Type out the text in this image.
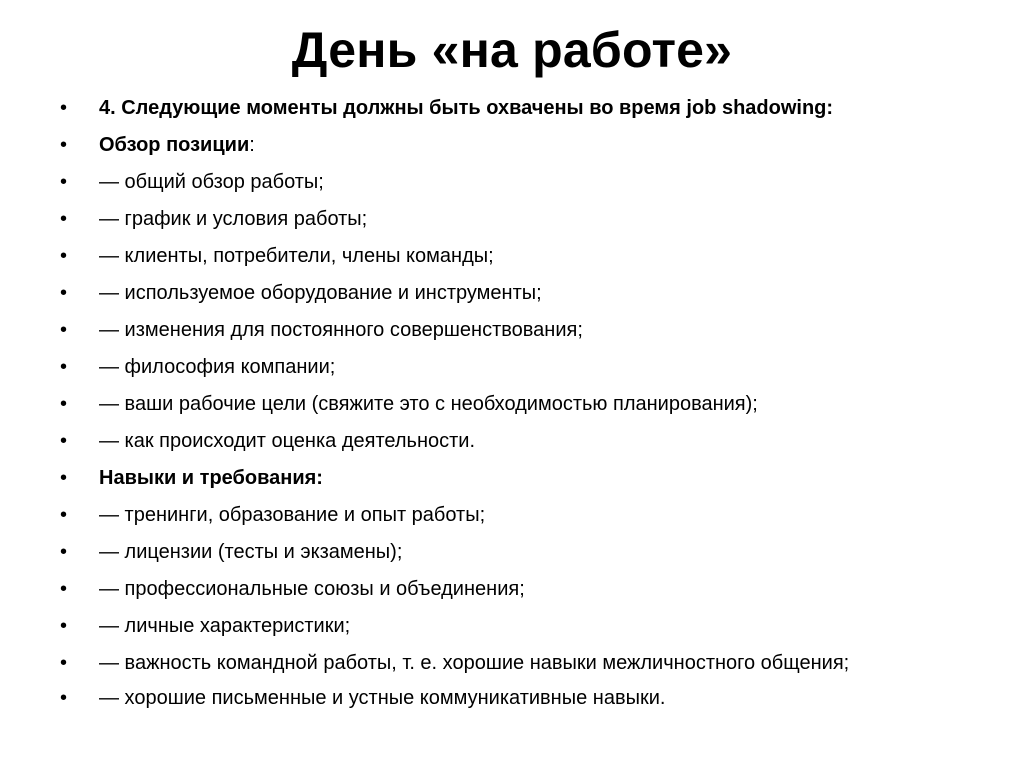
День «на работе»
• 4. Следующие моменты должны быть охвачены во время job shadowing:
• Обзор позиции:
• — общий обзор работы;
• — график и условия работы;
• — клиенты, потребители, члены команды;
• — используемое оборудование и инструменты;
• — изменения для постоянного совершенствования;
• — философия компании;
• — ваши рабочие цели (свяжите это с необходимостью планирования);
• — как происходит оценка деятельности.
• Навыки и требования:
• — тренинги, образование и опыт работы;
• — лицензии (тесты и экзамены);
• — профессиональные союзы и объединения;
• — личные характеристики;
• — важность командной работы, т. е. хорошие навыки межличностного общения;
• — хорошие письменные и устные коммуникативные навыки.
